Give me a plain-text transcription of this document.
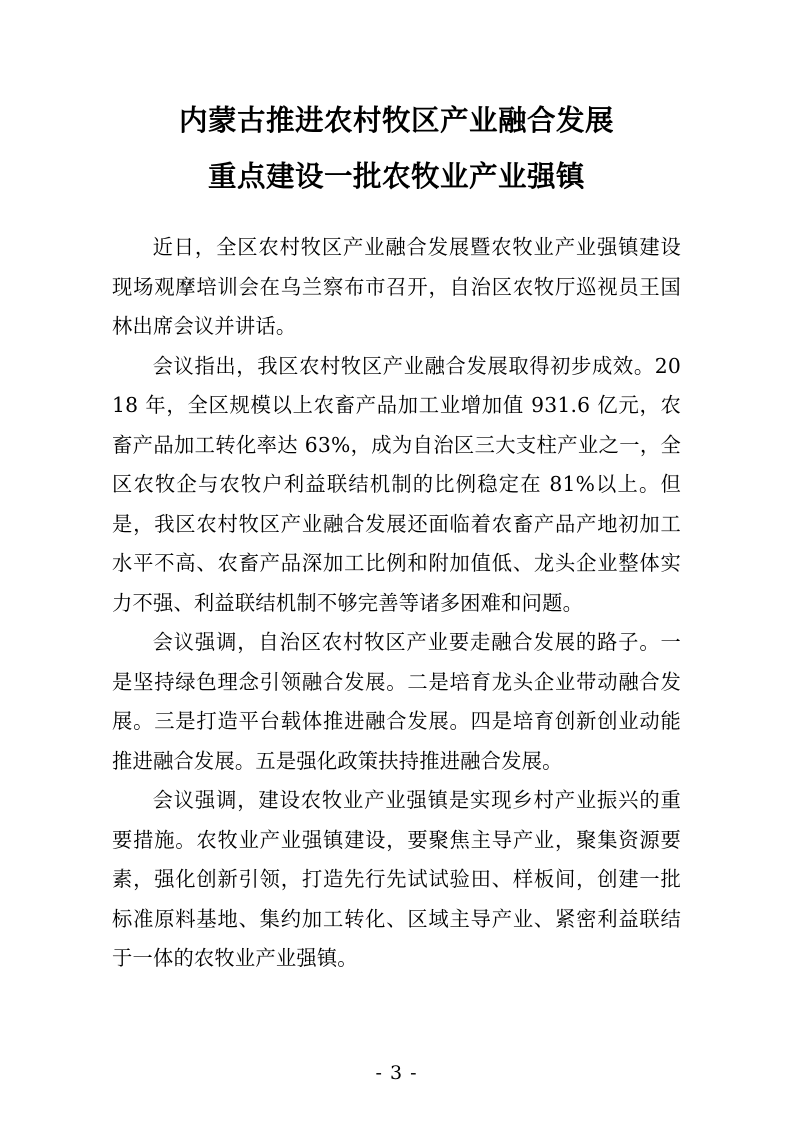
内蒙古推进农村牧区产业融合发展
重点建设一批农牧业产业强镇

近日，全区农村牧区产业融合发展暨农牧业产业强镇建设现场观摩培训会在乌兰察布市召开，自治区农牧厅巡视员王国林出席会议并讲话。

会议指出，我区农村牧区产业融合发展取得初步成效。2018 年，全区规模以上农畜产品加工业增加值 931.6 亿元，农畜产品加工转化率达 63%，成为自治区三大支柱产业之一，全区农牧企与农牧户利益联结机制的比例稳定在 81%以上。但是，我区农村牧区产业融合发展还面临着农畜产品产地初加工水平不高、农畜产品深加工比例和附加值低、龙头企业整体实力不强、利益联结机制不够完善等诸多困难和问题。

会议强调，自治区农村牧区产业要走融合发展的路子。一是坚持绿色理念引领融合发展。二是培育龙头企业带动融合发展。三是打造平台载体推进融合发展。四是培育创新创业动能推进融合发展。五是强化政策扶持推进融合发展。

会议强调，建设农牧业产业强镇是实现乡村产业振兴的重要措施。农牧业产业强镇建设，要聚焦主导产业，聚集资源要素，强化创新引领，打造先行先试试验田、样板间，创建一批标准原料基地、集约加工转化、区域主导产业、紧密利益联结于一体的农牧业产业强镇。

- 3 -
